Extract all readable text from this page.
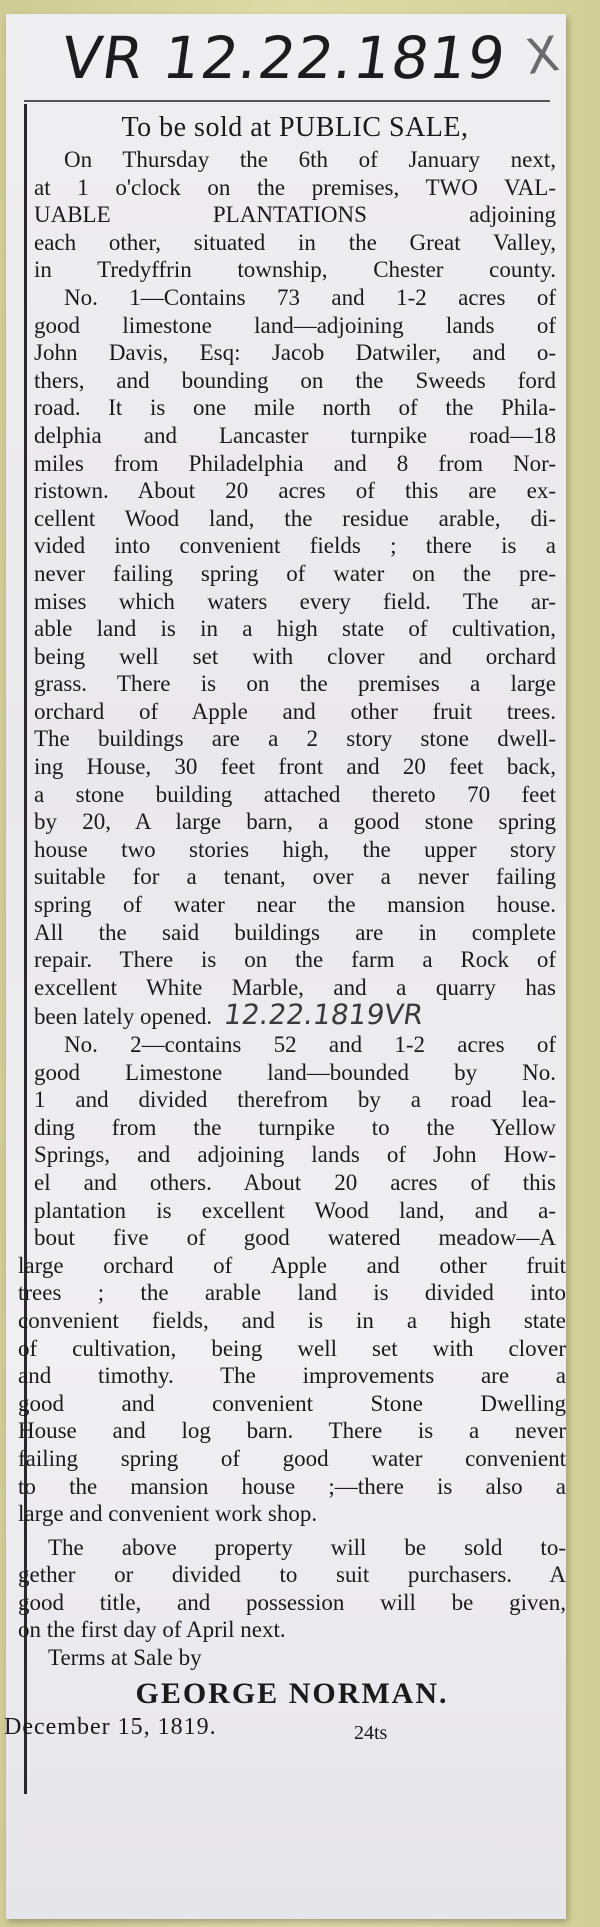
VR 12.22.1819 X
To be sold at PUBLIC SALE,
On Thursday the 6th of January next,
at 1 o'clock on the premises, TWO VAL-
UABLE PLANTATIONS adjoining
each other, situated in the Great Valley,
in Tredyffrin township, Chester county.
No. 1—Contains 73 and 1-2 acres of
good limestone land—adjoining lands of
John Davis, Esq: Jacob Datwiler, and o-
thers, and bounding on the Sweeds ford
road. It is one mile north of the Phila-
delphia and Lancaster turnpike road—18
miles from Philadelphia and 8 from Nor-
ristown. About 20 acres of this are ex-
cellent Wood land, the residue arable, di-
vided into convenient fields ; there is a
never failing spring of water on the pre-
mises which waters every field. The ar-
able land is in a high state of cultivation,
being well set with clover and orchard
grass. There is on the premises a large
orchard of Apple and other fruit trees.
The buildings are a 2 story stone dwell-
ing House, 30 feet front and 20 feet back,
a stone building attached thereto 70 feet
by 20, A large barn, a good stone spring
house two stories high, the upper story
suitable for a tenant, over a never failing
spring of water near the mansion house.
All the said buildings are in complete
repair. There is on the farm a Rock of
excellent White Marble, and a quarry has
been lately opened. 12.22.1819VR
No. 2—contains 52 and 1-2 acres of
good Limestone land—bounded by No.
1 and divided therefrom by a road lea-
ding from the turnpike to the Yellow
Springs, and adjoining lands of John How-
el and others. About 20 acres of this
plantation is excellent Wood land, and a-
bout five of good watered meadow—A
large orchard of Apple and other fruit
trees ; the arable land is divided into
convenient fields, and is in a high state
of cultivation, being well set with clover
and timothy. The improvements are a
good and convenient Stone Dwelling
House and log barn. There is a never
failing spring of good water convenient
to the mansion house ;—there is also a
large and convenient work shop.
The above property will be sold to-
gether or divided to suit purchasers. A
good title, and possession will be given,
on the first day of April next.
Terms at Sale by
GEORGE NORMAN.
December 15, 1819.	24ts
